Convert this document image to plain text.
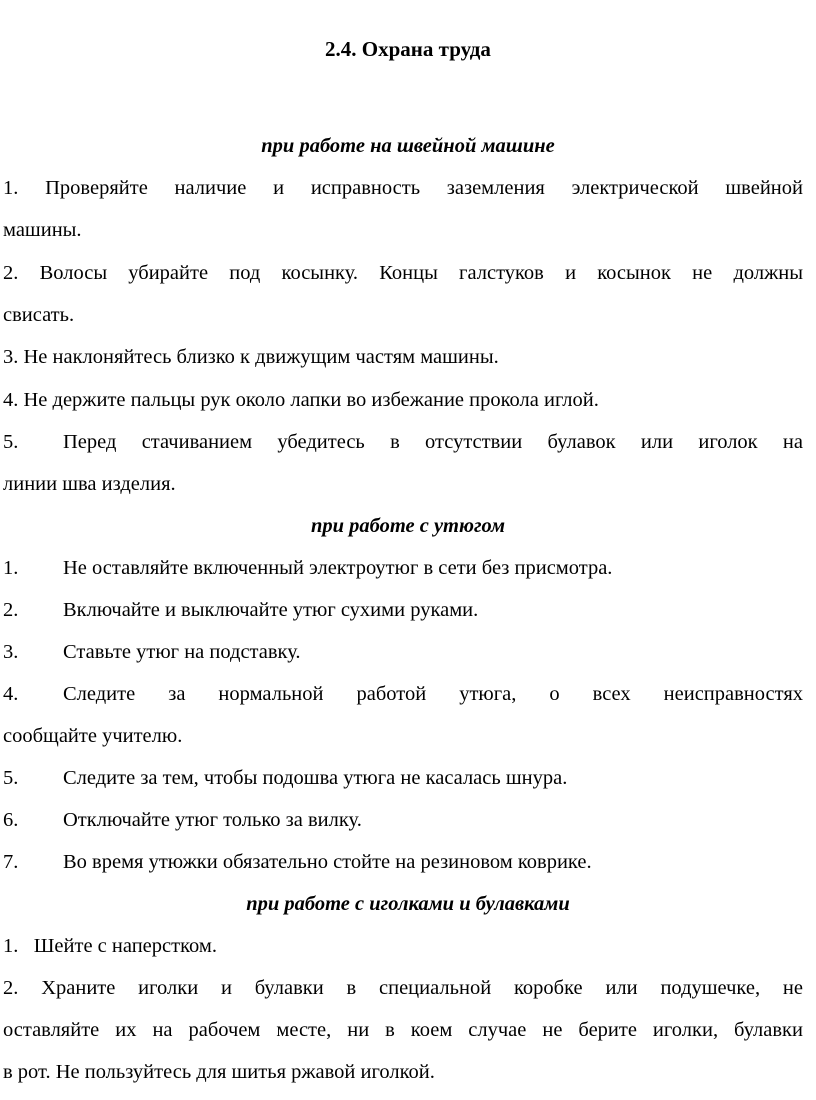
2.4. Охрана труда
при работе на швейной машине
1. Проверяйте наличие и исправность заземления электрической швейной
машины.
2. Волосы убирайте под косынку. Концы галстуков и косынок не должны
свисать.
3. Не наклоняйтесь близко к движущим частям машины.
4. Не держите пальцы рук около лапки во избежание прокола иглой.
5. Перед стачиванием убедитесь в отсутствии булавок или иголок на
линии шва изделия.
при работе с утюгом
1. Не оставляйте включенный электроутюг в сети без присмотра.
2. Включайте и выключайте утюг сухими руками.
3. Ставьте утюг на подставку.
4. Следите за нормальной работой утюга, о всех неисправностях
сообщайте учителю.
5. Следите за тем, чтобы подошва утюга не касалась шнура.
6. Отключайте утюг только за вилку.
7. Во время утюжки обязательно стойте на резиновом коврике.
при работе с иголками и булавками
1.   Шейте с наперстком.
2. Храните иголки и булавки в специальной коробке или подушечке, не
оставляйте их на рабочем месте, ни в коем случае не берите иголки, булавки
в рот. Не пользуйтесь для шитья ржавой иголкой.
